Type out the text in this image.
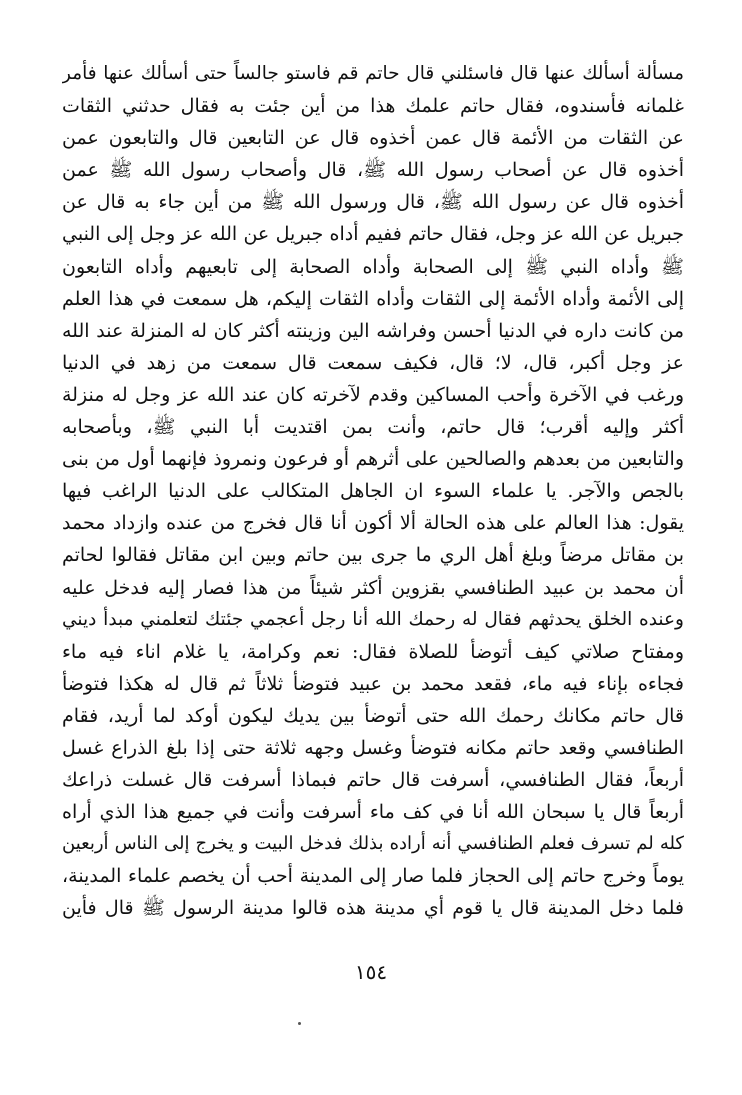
مسألة أسألك عنها قال فاسئلني قال حاتم قم فاستو جالساً حتى أسألك عنها فأمر
غلمانه فأسندوه، فقال حاتم علمك هذا من أين جئت به فقال حدثني الثقات
عن الثقات من الأئمة قال عمن أخذوه قال عن التابعين قال والتابعون عمن
أخذوه قال عن أصحاب رسول الله ﷺ، قال وأصحاب رسول الله ﷺ عمن
أخذوه قال عن رسول الله ﷺ، قال ورسول الله ﷺ من أين جاء به قال عن
جبريل عن الله عز وجل، فقال حاتم ففيم أداه جبريل عن الله عز وجل إلى النبي
ﷺ وأداه النبي ﷺ إلى الصحابة وأداه الصحابة إلى تابعيهم وأداه التابعون
إلى الأئمة وأداه الأئمة إلى الثقات وأداه الثقات إليكم، هل سمعت في هذا العلم
من كانت داره في الدنيا أحسن وفراشه الين وزينته أكثر كان له المنزلة عند الله
عز وجل أكبر، قال، لا؛ قال، فكيف سمعت قال سمعت من زهد في الدنيا
ورغب في الآخرة وأحب المساكين وقدم لآخرته كان عند الله عز وجل له منزلة
أكثر وإليه أقرب؛ قال حاتم، وأنت بمن اقتديت أبا النبي ﷺ، وبأصحابه
والتابعين من بعدهم والصالحين على أثرهم أو فرعون ونمروذ فإنهما أول من بنى
بالجص والآجر. يا علماء السوء ان الجاهل المتكالب على الدنيا الراغب فيها
يقول: هذا العالم على هذه الحالة ألا أكون أنا قال فخرج من عنده وازداد محمد
بن مقاتل مرضاً وبلغ أهل الري ما جرى بين حاتم وبين ابن مقاتل فقالوا لحاتم
أن محمد بن عبيد الطنافسي بقزوين أكثر شيئاً من هذا فصار إليه فدخل عليه
وعنده الخلق يحدثهم فقال له رحمك الله أنا رجل أعجمي جئتك لتعلمني مبدأ ديني
ومفتاح صلاتي كيف أتوضأ للصلاة فقال: نعم وكرامة، يا غلام اناء فيه ماء
فجاءه بإناء فيه ماء، فقعد محمد بن عبيد فتوضأ ثلاثاً ثم قال له هكذا فتوضأ
قال حاتم مكانك رحمك الله حتى أتوضأ بين يديك ليكون أوكد لما أريد، فقام
الطنافسي وقعد حاتم مكانه فتوضأ وغسل وجهه ثلاثة حتى إذا بلغ الذراع غسل
أربعاً، فقال الطنافسي، أسرفت قال حاتم فبماذا أسرفت قال غسلت ذراعك
أربعاً قال يا سبحان الله أنا في كف ماء أسرفت وأنت في جميع هذا الذي أراه
كله لم تسرف فعلم الطنافسي أنه أراده بذلك فدخل البيت و يخرج إلى الناس أربعين
يوماً وخرج حاتم إلى الحجاز فلما صار إلى المدينة أحب أن يخصم علماء المدينة،
فلما دخل المدينة قال يا قوم أي مدينة هذه قالوا مدينة الرسول ﷺ قال فأين
١٥٤
